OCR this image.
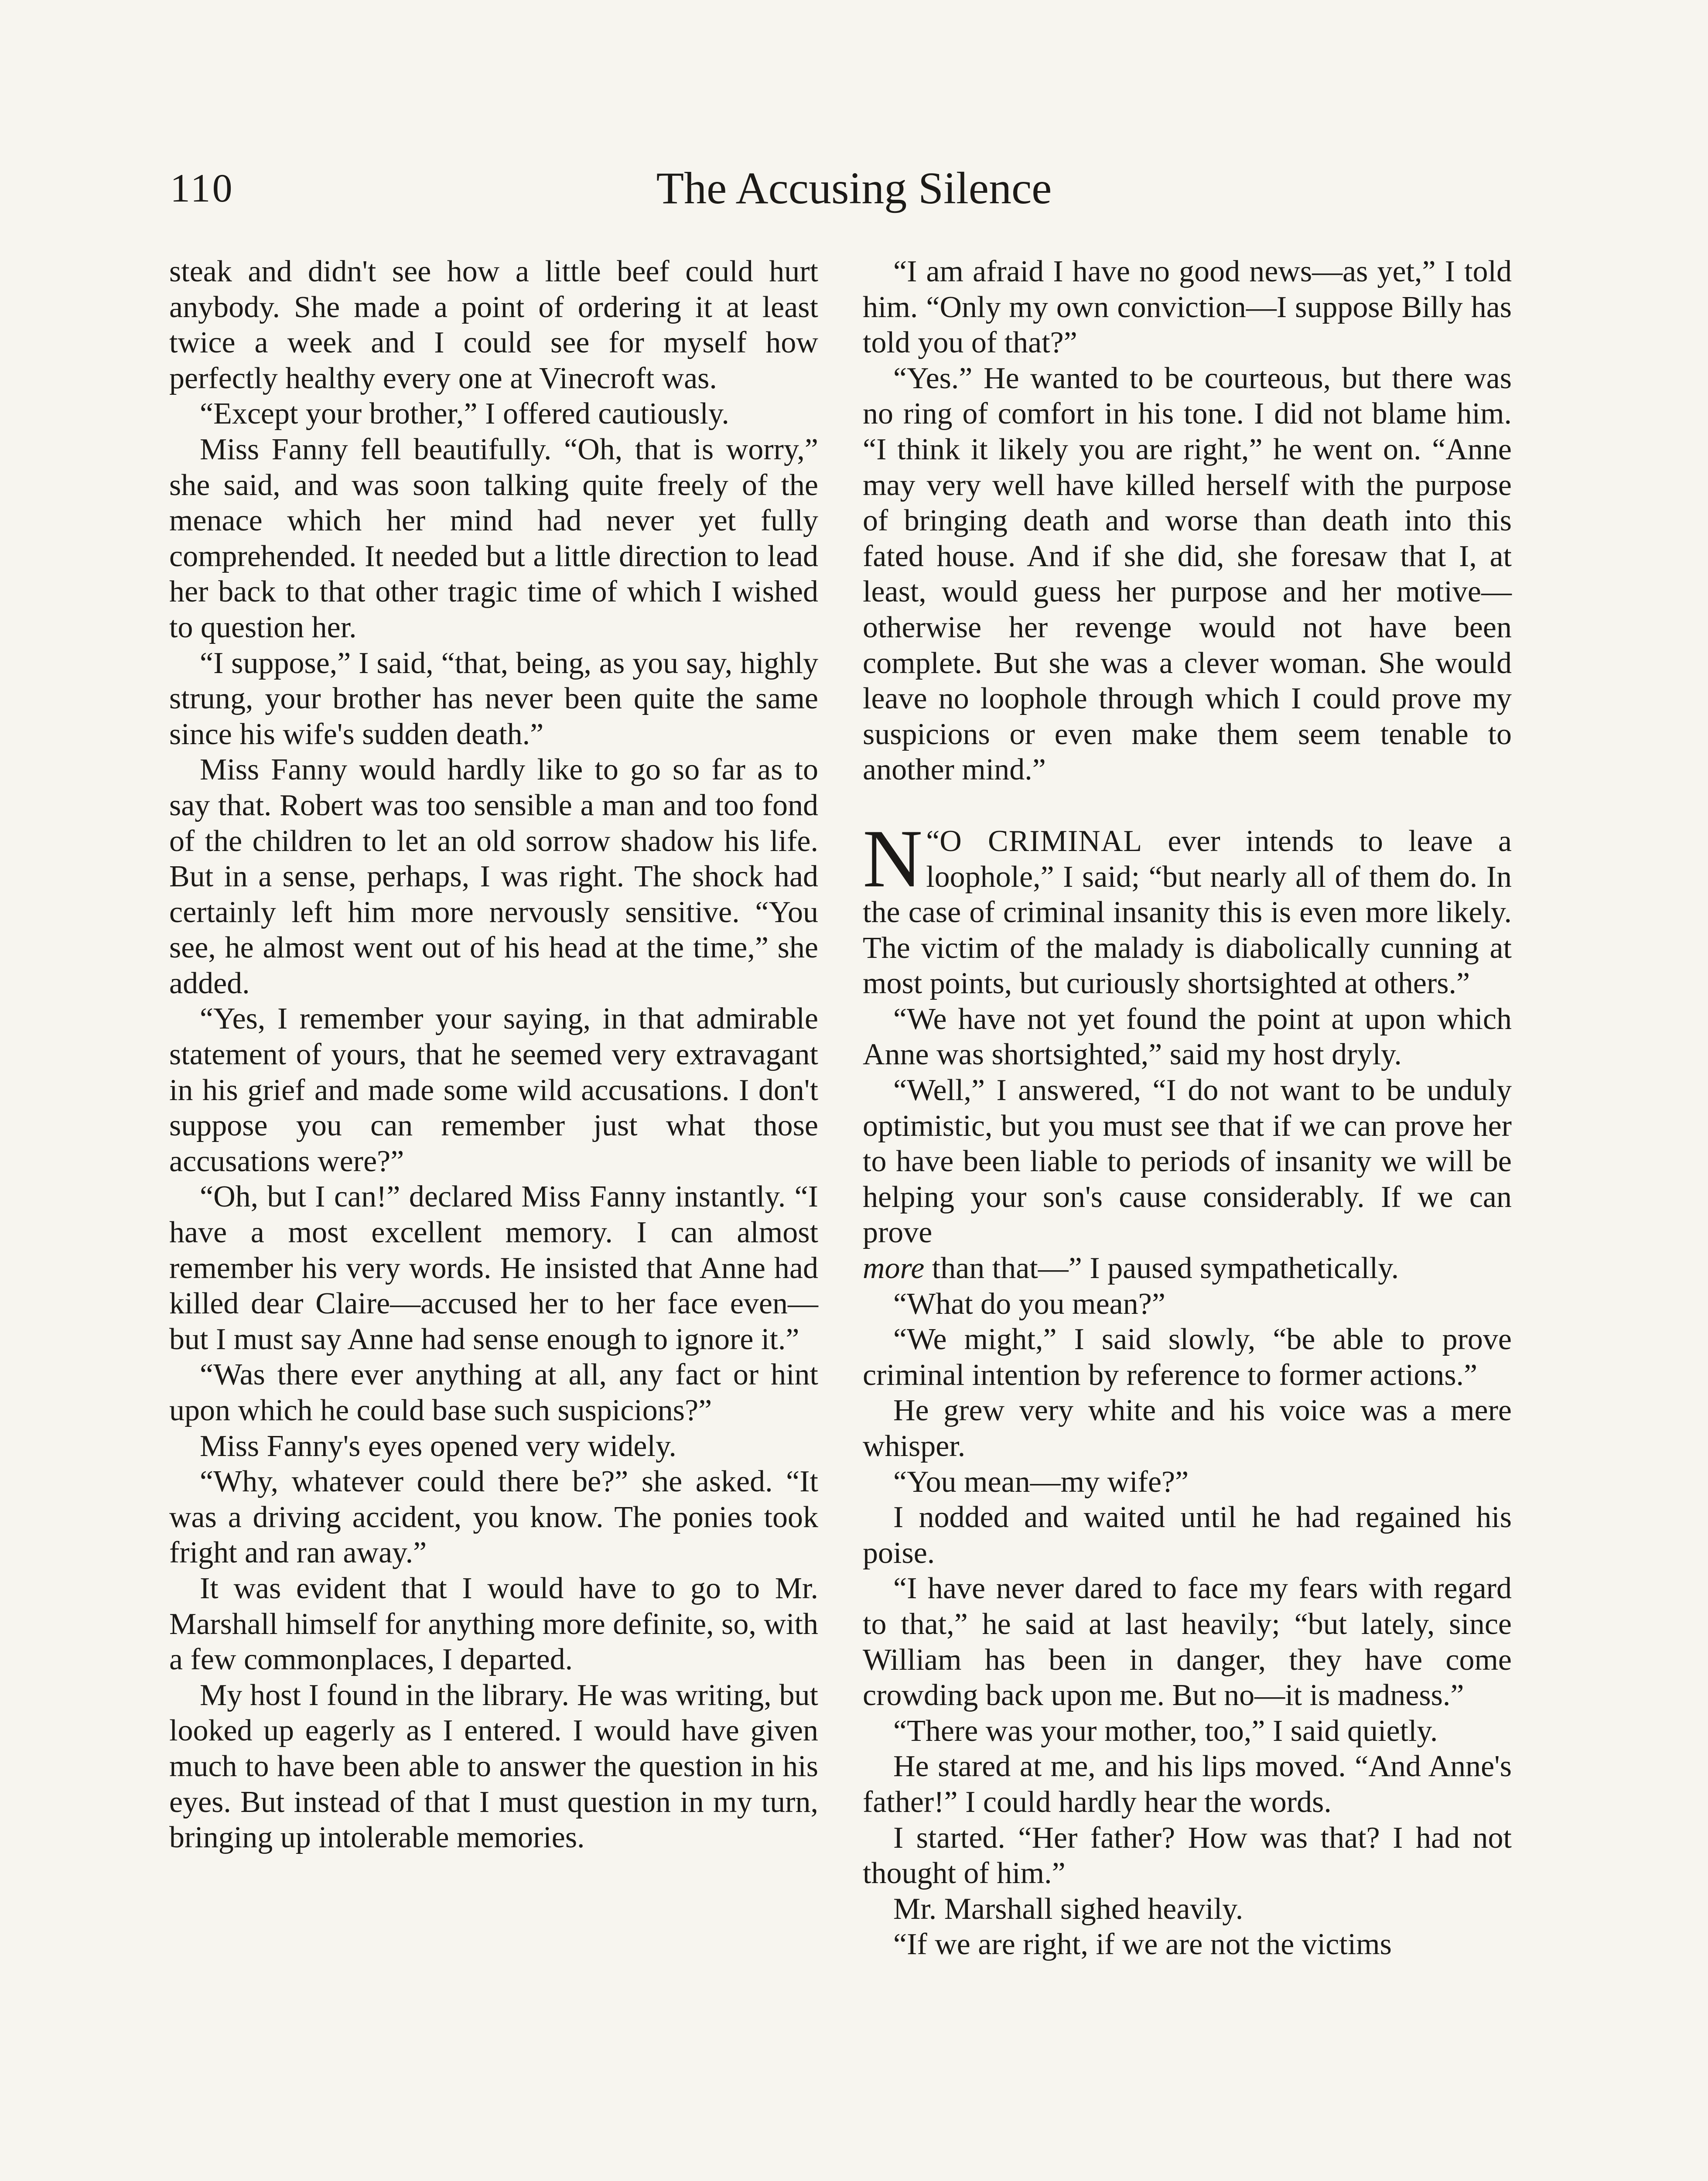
110	The Accusing Silence

steak and didn't see how a little beef could hurt anybody. She made a point of ordering it at least twice a week and I could see for myself how perfectly healthy every one at Vinecroft was.

“Except your brother,” I offered cautiously.

Miss Fanny fell beautifully. “Oh, that is worry,” she said, and was soon talking quite freely of the menace which her mind had never yet fully comprehended. It needed but a little direction to lead her back to that other tragic time of which I wished to question her.

“I suppose,” I said, “that, being, as you say, highly strung, your brother has never been quite the same since his wife's sudden death.”

Miss Fanny would hardly like to go so far as to say that. Robert was too sensible a man and too fond of the children to let an old sorrow shadow his life. But in a sense, perhaps, I was right. The shock had certainly left him more nervously sensitive. “You see, he almost went out of his head at the time,” she added.

“Yes, I remember your saying, in that admirable statement of yours, that he seemed very extravagant in his grief and made some wild accusations. I don't suppose you can remember just what those accusations were?”

“Oh, but I can!” declared Miss Fanny instantly. “I have a most excellent memory. I can almost remember his very words. He insisted that Anne had killed dear Claire—accused her to her face even—but I must say Anne had sense enough to ignore it.”

“Was there ever anything at all, any fact or hint upon which he could base such suspicions?”

Miss Fanny's eyes opened very widely.

“Why, whatever could there be?” she asked. “It was a driving accident, you know. The ponies took fright and ran away.”

It was evident that I would have to go to Mr. Marshall himself for anything more definite, so, with a few commonplaces, I departed.

My host I found in the library. He was writing, but looked up eagerly as I entered. I would have given much to have been able to answer the question in his eyes. But instead of that I must question in my turn, bringing up intolerable memories.

“I am afraid I have no good news—as yet,” I told him. “Only my own conviction—I suppose Billy has told you of that?”

“Yes.” He wanted to be courteous, but there was no ring of comfort in his tone. I did not blame him. “I think it likely you are right,” he went on. “Anne may very well have killed herself with the purpose of bringing death and worse than death into this fated house. And if she did, she foresaw that I, at least, would guess her purpose and her motive—otherwise her revenge would not have been complete. But she was a clever woman. She would leave no loophole through which I could prove my suspicions or even make them seem tenable to another mind.”

“
N O CRIMINAL ever intends to leave a loophole,” I said; “but nearly all of them do. In the case of criminal insanity this is even more likely. The victim of the malady is diabolically cunning at most points, but curiously shortsighted at others.”

“We have not yet found the point at upon which Anne was shortsighted,” said my host dryly.

“Well,” I answered, “I do not want to be unduly optimistic, but you must see that if we can prove her to have been liable to periods of insanity we will be helping your son's cause considerably. If we can prove

more than that—” I paused sympathetically.

“What do you mean?”

“We might,” I said slowly, “be able to prove criminal intention by reference to former actions.”

He grew very white and his voice was a mere whisper.

“You mean—my wife?”

I nodded and waited until he had regained his poise.

“I have never dared to face my fears with regard to that,” he said at last heavily; “but lately, since William has been in danger, they have come crowding back upon me. But no—it is madness.”

“There was your mother, too,” I said quietly.

He stared at me, and his lips moved. “And Anne's father!” I could hardly hear the words.

I started. “Her father? How was that? I had not thought of him.”

Mr. Marshall sighed heavily.

“If we are right, if we are not the victims
